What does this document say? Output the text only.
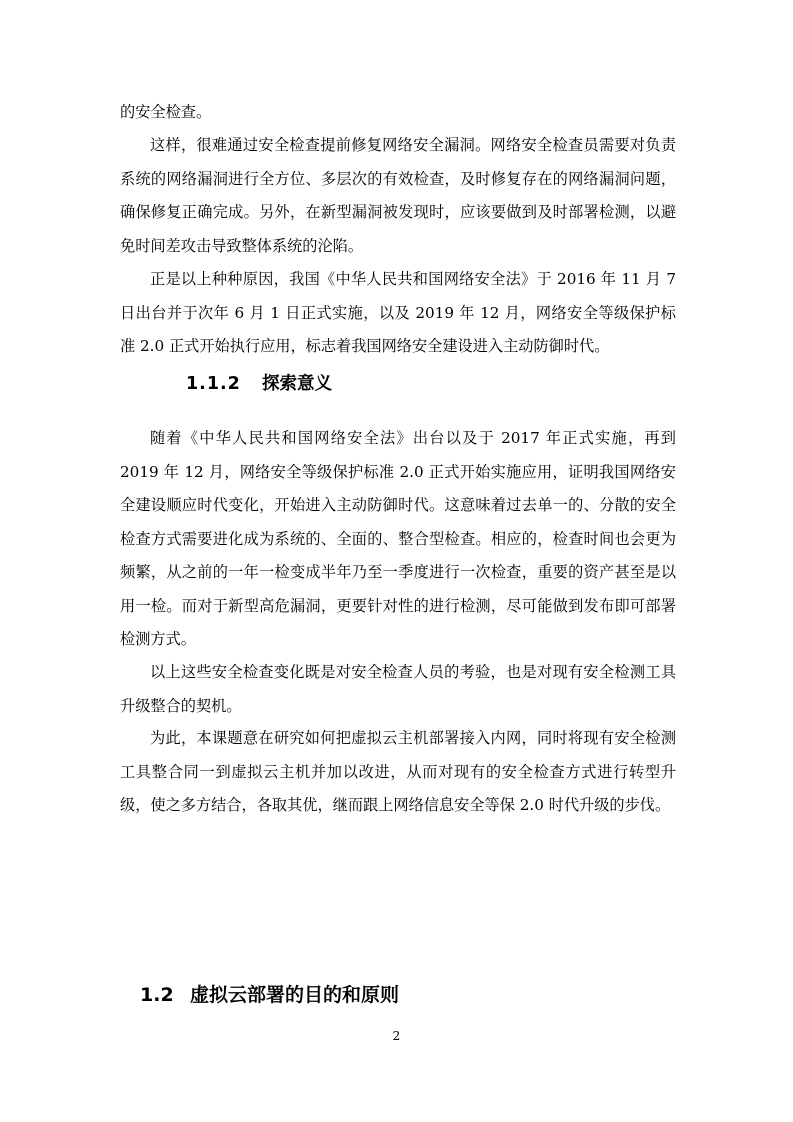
的安全检查。

这样，很难通过安全检查提前修复网络安全漏洞。网络安全检查员需要对负责系统的网络漏洞进行全方位、多层次的有效检查，及时修复存在的网络漏洞问题，确保修复正确完成。另外，在新型漏洞被发现时，应该要做到及时部署检测，以避免时间差攻击导致整体系统的沦陷。

正是以上种种原因，我国《中华人民共和国网络安全法》于 2016 年 11 月 7 日出台并于次年 6 月 1 日正式实施，以及 2019 年 12 月，网络安全等级保护标准 2.0 正式开始执行应用，标志着我国网络安全建设进入主动防御时代。

1.1.2 探索意义

随着《中华人民共和国网络安全法》出台以及于 2017 年正式实施，再到 2019 年 12 月，网络安全等级保护标准 2.0 正式开始实施应用，证明我国网络安全建设顺应时代变化，开始进入主动防御时代。这意味着过去单一的、分散的安全检查方式需要进化成为系统的、全面的、整合型检查。相应的，检查时间也会更为频繁，从之前的一年一检变成半年乃至一季度进行一次检查，重要的资产甚至是以用一检。而对于新型高危漏洞，更要针对性的进行检测，尽可能做到发布即可部署检测方式。

以上这些安全检查变化既是对安全检查人员的考验，也是对现有安全检测工具升级整合的契机。

为此，本课题意在研究如何把虚拟云主机部署接入内网，同时将现有安全检测工具整合同一到虚拟云主机并加以改进，从而对现有的安全检查方式进行转型升级，使之多方结合，各取其优，继而跟上网络信息安全等保 2.0 时代升级的步伐。

1.2 虚拟云部署的目的和原则
2
